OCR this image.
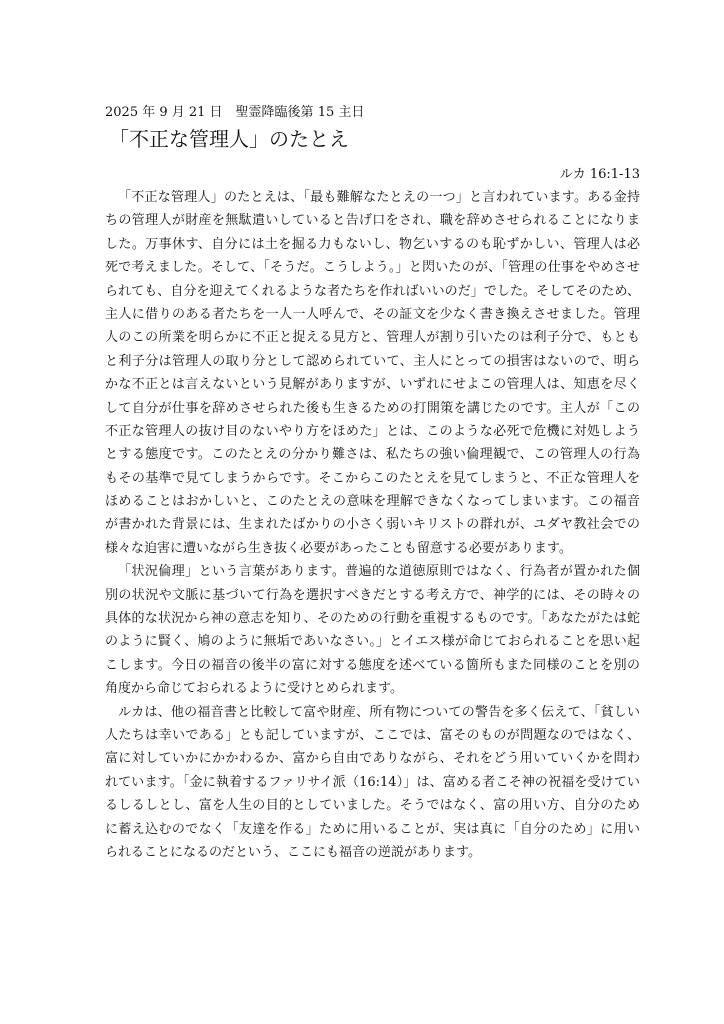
2025 年 9 月 21 日　聖霊降臨後第 15 主日
「不正な管理人」のたとえ
ルカ 16:1-13
「不正な管理人」のたとえは、「最も難解なたとえの一つ」と言われています。ある金持
ちの管理人が財産を無駄遣いしていると告げ口をされ、職を辞めさせられることになりま
した。万事休す、自分には土を掘る力もないし、物乞いするのも恥ずかしい、管理人は必
死で考えました。そして、「そうだ。こうしよう。」と閃いたのが、「管理の仕事をやめさせ
られても、自分を迎えてくれるような者たちを作ればいいのだ」でした。そしてそのため、
主人に借りのある者たちを一人一人呼んで、その証文を少なく書き換えさせました。管理
人のこの所業を明らかに不正と捉える見方と、管理人が割り引いたのは利子分で、もとも
と利子分は管理人の取り分として認められていて、主人にとっての損害はないので、明ら
かな不正とは言えないという見解がありますが、いずれにせよこの管理人は、知恵を尽く
して自分が仕事を辞めさせられた後も生きるための打開策を講じたのです。主人が「この
不正な管理人の抜け目のないやり方をほめた」とは、このような必死で危機に対処しよう
とする態度です。このたとえの分かり難さは、私たちの強い倫理観で、この管理人の行為
もその基準で見てしまうからです。そこからこのたとえを見てしまうと、不正な管理人を
ほめることはおかしいと、このたとえの意味を理解できなくなってしまいます。この福音
が書かれた背景には、生まれたばかりの小さく弱いキリストの群れが、ユダヤ教社会での
様々な迫害に遭いながら生き抜く必要があったことも留意する必要があります。
「状況倫理」という言葉があります。普遍的な道徳原則ではなく、行為者が置かれた個
別の状況や文脈に基づいて行為を選択すべきだとする考え方で、神学的には、その時々の
具体的な状況から神の意志を知り、そのための行動を重視するものです。「あなたがたは蛇
のように賢く、鳩のように無垢であいなさい。」とイエス様が命じておられることを思い起
こします。今日の福音の後半の富に対する態度を述べている箇所もまた同様のことを別の
角度から命じておられるように受けとめられます。
ルカは、他の福音書と比較して富や財産、所有物についての警告を多く伝えて、「貧しい
人たちは幸いである」とも記していますが、ここでは、富そのものが問題なのではなく、
富に対していかにかかわるか、富から自由でありながら、それをどう用いていくかを問わ
れています。「金に執着するファリサイ派（16:14）」は、富める者こそ神の祝福を受けてい
るしるしとし、富を人生の目的としていました。そうではなく、富の用い方、自分のため
に蓄え込むのでなく「友達を作る」ために用いることが、実は真に「自分のため」に用い
られることになるのだという、ここにも福音の逆説があります。
